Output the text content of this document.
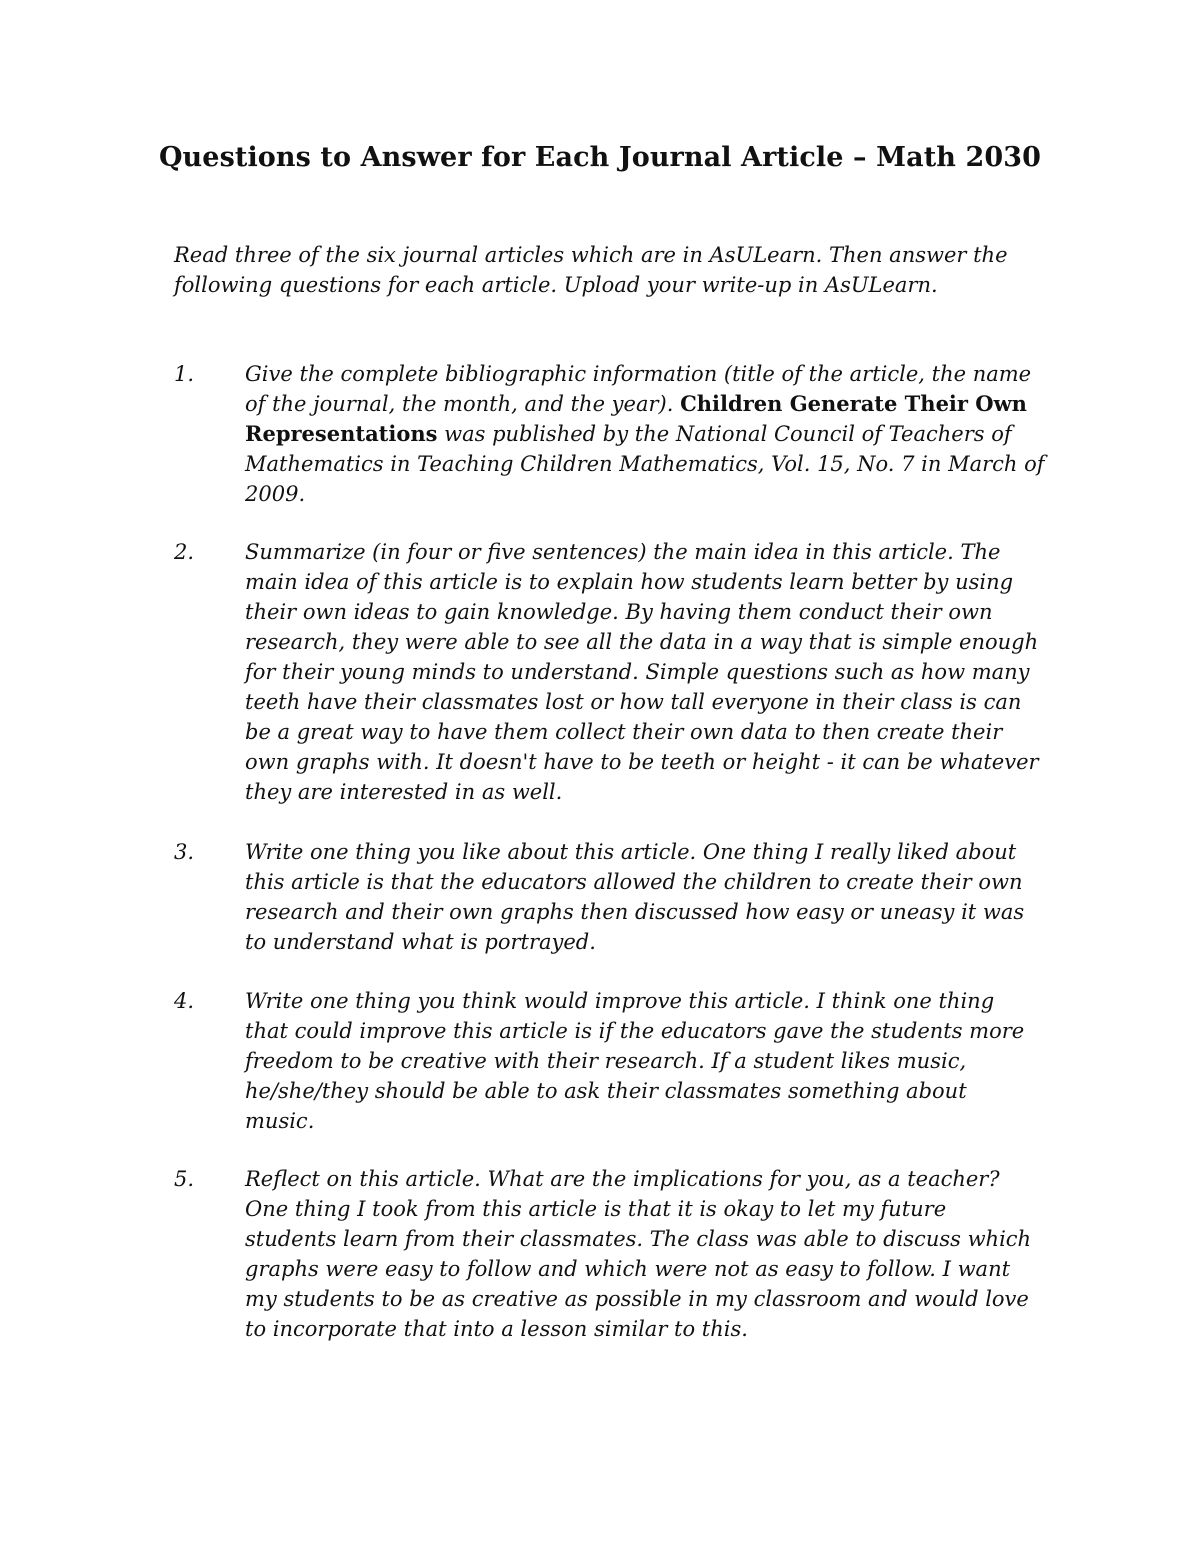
Questions to Answer for Each Journal Article – Math 2030
Read three of the six journal articles which are in AsULearn. Then answer the
following questions for each article. Upload your write-up in AsULearn.
1. Give the complete bibliographic information (title of the article, the name
of the journal, the month, and the year). Children Generate Their Own
Representations was published by the National Council of Teachers of
Mathematics in Teaching Children Mathematics, Vol. 15, No. 7 in March of
2009.
2. Summarize (in four or five sentences) the main idea in this article. The
main idea of this article is to explain how students learn better by using
their own ideas to gain knowledge. By having them conduct their own
research, they were able to see all the data in a way that is simple enough
for their young minds to understand. Simple questions such as how many
teeth have their classmates lost or how tall everyone in their class is can
be a great way to have them collect their own data to then create their
own graphs with. It doesn't have to be teeth or height - it can be whatever
they are interested in as well.
3. Write one thing you like about this article. One thing I really liked about
this article is that the educators allowed the children to create their own
research and their own graphs then discussed how easy or uneasy it was
to understand what is portrayed.
4. Write one thing you think would improve this article. I think one thing
that could improve this article is if the educators gave the students more
freedom to be creative with their research. If a student likes music,
he/she/they should be able to ask their classmates something about
music.
5. Reflect on this article. What are the implications for you, as a teacher?
One thing I took from this article is that it is okay to let my future
students learn from their classmates. The class was able to discuss which
graphs were easy to follow and which were not as easy to follow. I want
my students to be as creative as possible in my classroom and would love
to incorporate that into a lesson similar to this.
